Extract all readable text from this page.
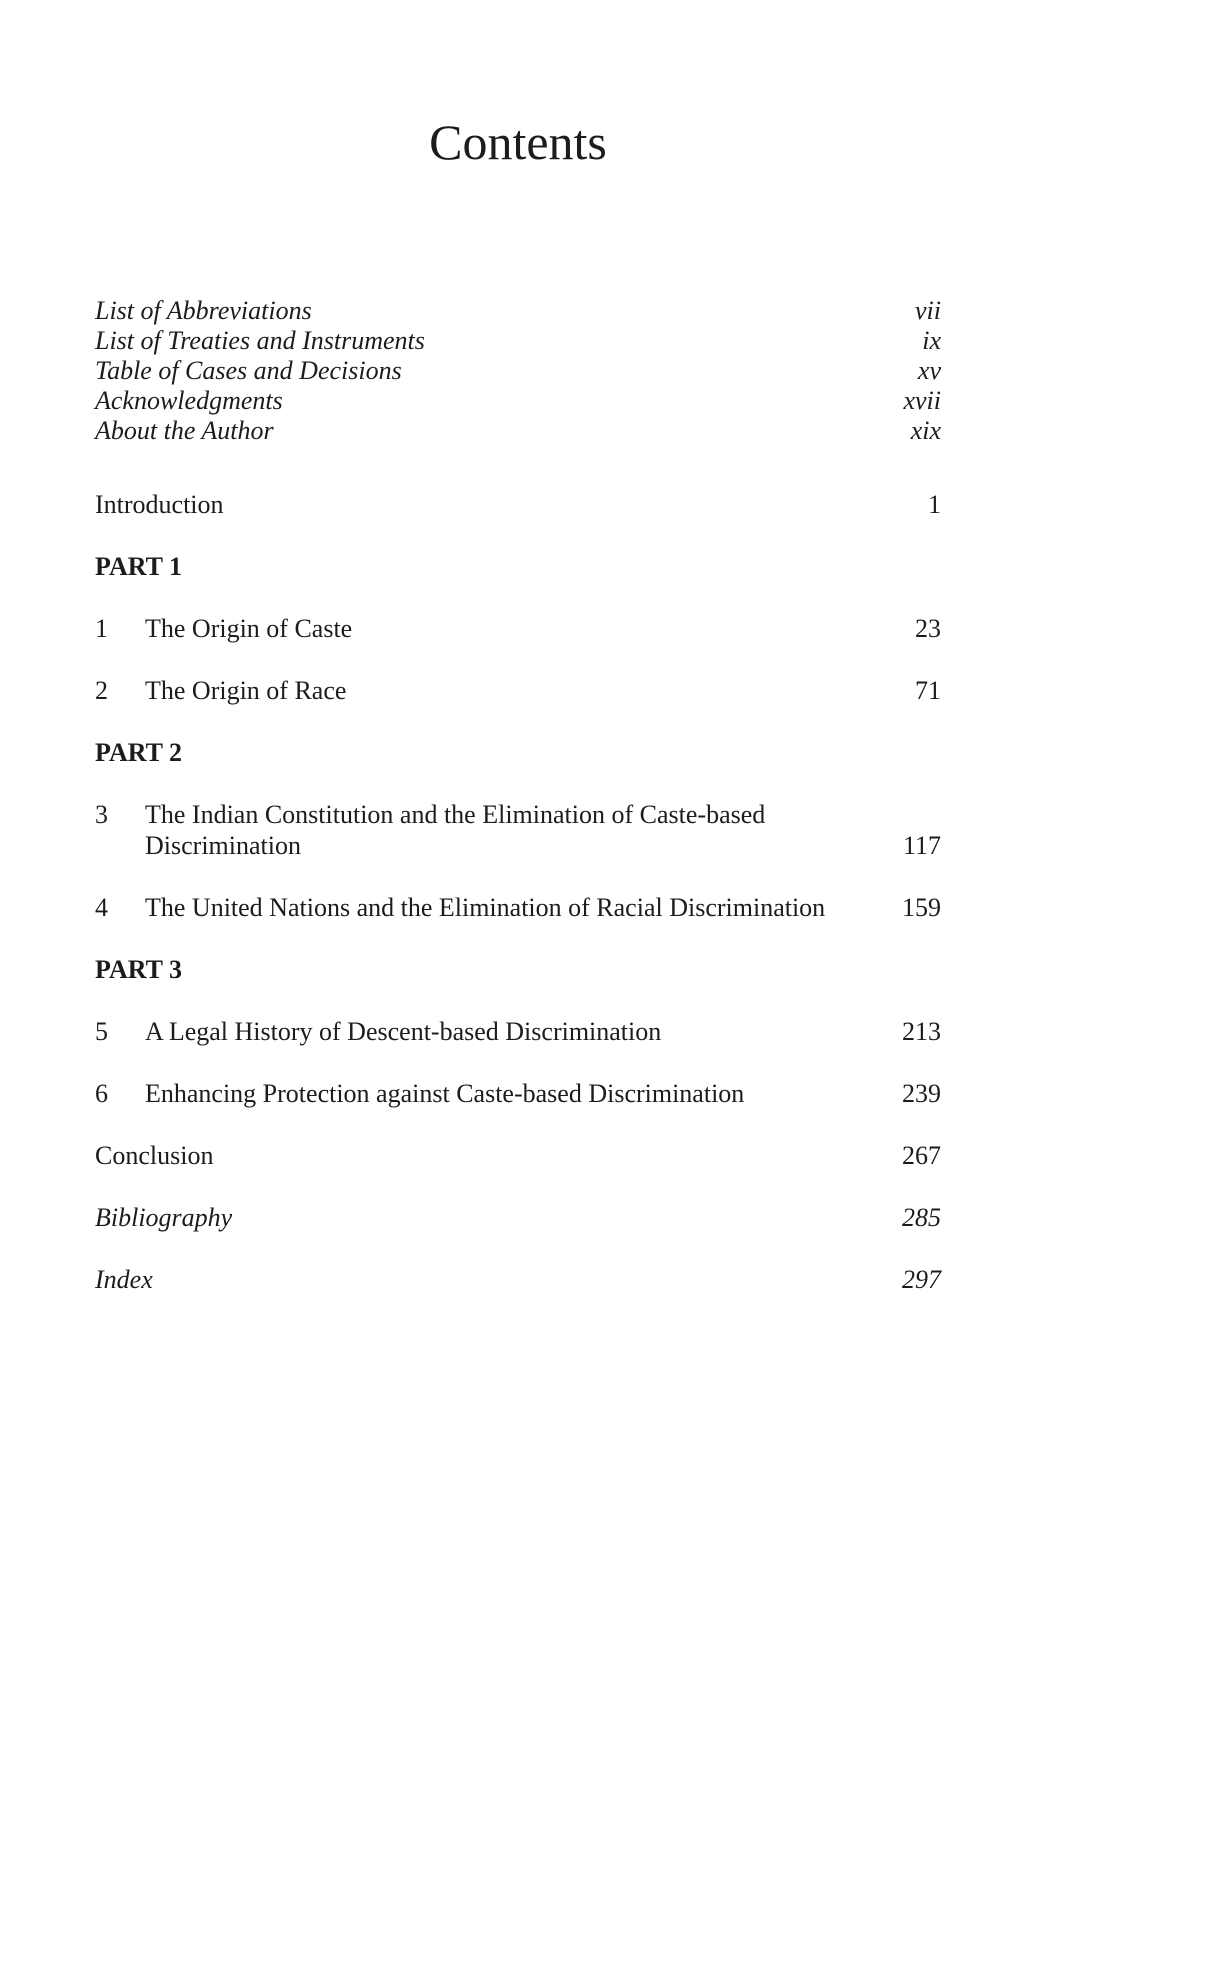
Contents
List of Abbreviations	vii
List of Treaties and Instruments	ix
Table of Cases and Decisions	xv
Acknowledgments	xvii
About the Author	xix
Introduction	1
PART 1
1	The Origin of Caste	23
2	The Origin of Race	71
PART 2
3	The Indian Constitution and the Elimination of Caste-based Discrimination	117
4	The United Nations and the Elimination of Racial Discrimination	159
PART 3
5	A Legal History of Descent-based Discrimination	213
6	Enhancing Protection against Caste-based Discrimination	239
Conclusion	267
Bibliography	285
Index	297
